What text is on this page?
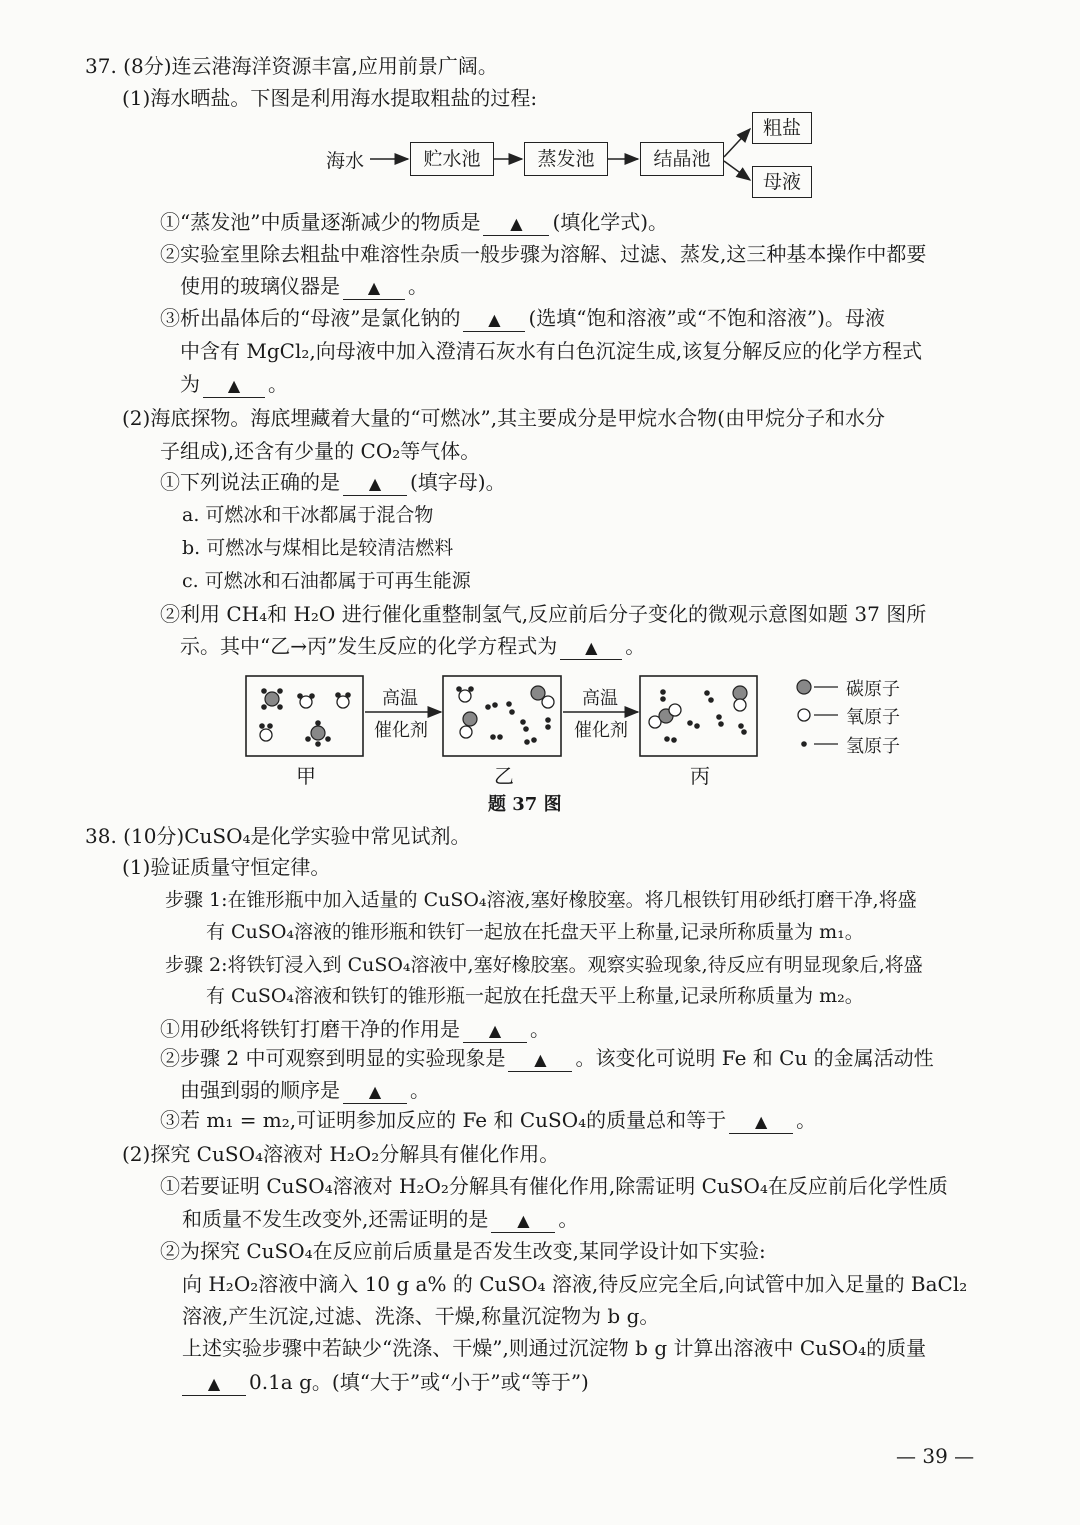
37. (8分)连云港海洋资源丰富,应用前景广阔。
(1)海水晒盐。下图是利用海水提取粗盐的过程:
海水	贮水池	蒸发池	结晶池
粗盐
母液
①“蒸发池”中质量逐渐减少的物质是 ▲ (填化学式)。
②实验室里除去粗盐中难溶性杂质一般步骤为溶解、过滤、蒸发,这三种基本操作中都要
使用的玻璃仪器是 ▲ 。
③析出晶体后的“母液”是氯化钠的 ▲ (选填“饱和溶液”或“不饱和溶液”)。母液
中含有 MgCl₂,向母液中加入澄清石灰水有白色沉淀生成,该复分解反应的化学方程式
为 ▲ 。
(2)海底探物。海底埋藏着大量的“可燃冰”,其主要成分是甲烷水合物(由甲烷分子和水分
子组成),还含有少量的 CO₂等气体。
①下列说法正确的是 ▲ (填字母)。
a. 可燃冰和干冰都属于混合物
b. 可燃冰与煤相比是较清洁燃料
c. 可燃冰和石油都属于可再生能源
②利用 CH₄和 H₂O 进行催化重整制氢气,反应前后分子变化的微观示意图如题 37 图所
示。其中“乙→丙”发生反应的化学方程式为 ▲ 。
高温
催化剂
高温
催化剂
碳原子
氧原子
氢原子
甲	乙	丙
题 37 图
38. (10分)CuSO₄是化学实验中常见试剂。
(1)验证质量守恒定律。
步骤 1:在锥形瓶中加入适量的 CuSO₄溶液,塞好橡胶塞。将几根铁钉用砂纸打磨干净,将盛
有 CuSO₄溶液的锥形瓶和铁钉一起放在托盘天平上称量,记录所称质量为 m₁。
步骤 2:将铁钉浸入到 CuSO₄溶液中,塞好橡胶塞。观察实验现象,待反应有明显现象后,将盛
有 CuSO₄溶液和铁钉的锥形瓶一起放在托盘天平上称量,记录所称质量为 m₂。
①用砂纸将铁钉打磨干净的作用是 ▲ 。
②步骤 2 中可观察到明显的实验现象是 ▲ 。该变化可说明 Fe 和 Cu 的金属活动性
由强到弱的顺序是 ▲ 。
③若 m₁ = m₂,可证明参加反应的 Fe 和 CuSO₄的质量总和等于 ▲ 。
(2)探究 CuSO₄溶液对 H₂O₂分解具有催化作用。
①若要证明 CuSO₄溶液对 H₂O₂分解具有催化作用,除需证明 CuSO₄在反应前后化学性质
和质量不发生改变外,还需证明的是 ▲ 。
②为探究 CuSO₄在反应前后质量是否发生改变,某同学设计如下实验:
向 H₂O₂溶液中滴入 10 g a% 的 CuSO₄ 溶液,待反应完全后,向试管中加入足量的 BaCl₂
溶液,产生沉淀,过滤、洗涤、干燥,称量沉淀物为 b g。
上述实验步骤中若缺少“洗涤、干燥”,则通过沉淀物 b g 计算出溶液中 CuSO₄的质量
▲ 0.1a g。(填“大于”或“小于”或“等于”)
— 39 —
